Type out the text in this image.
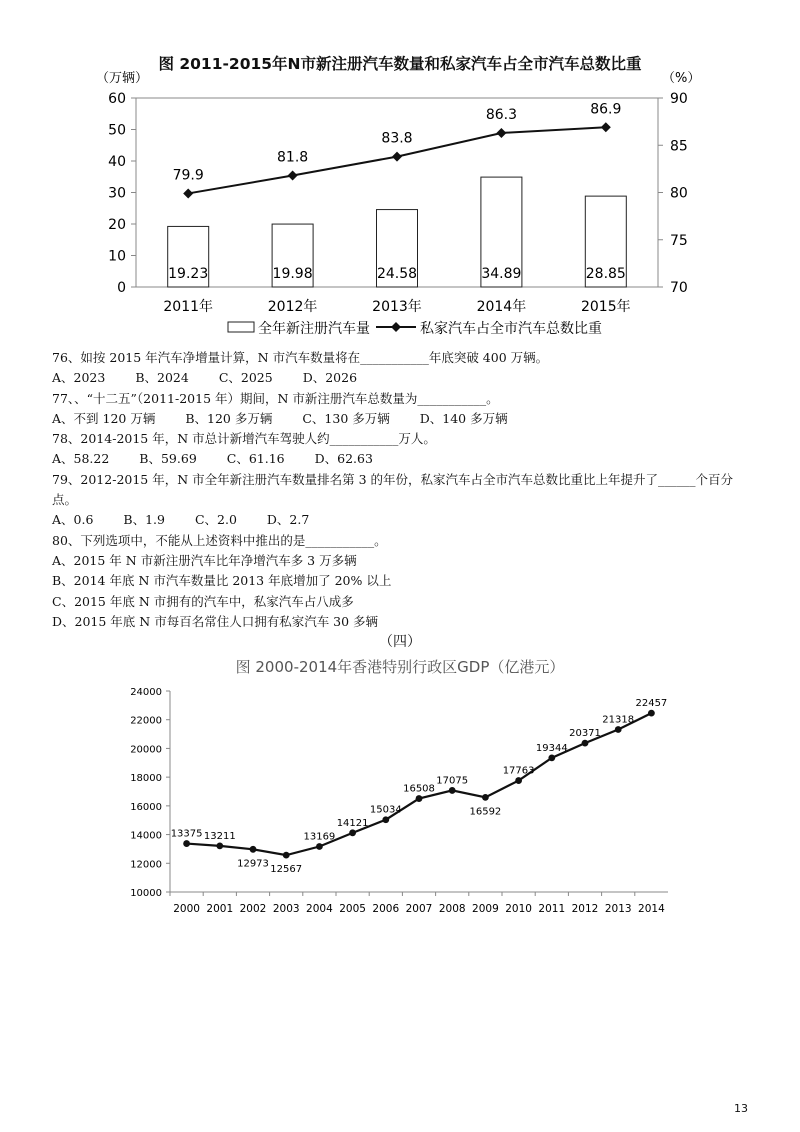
图 2011-2015年N市新注册汽车数量和私家汽车占全市汽车总数比重
（万辆）	（%）
0
10
20
30
40
50
60
70
75
80
85
90
19.23	19.98	24.58	34.89	28.85
2011年	2012年	2013年	2014年	2015年
79.9
81.8
83.8
86.3	86.9
全年新注册汽车量	私家汽车占全市汽车总数比重
76、如按 2015 年汽车净增量计算，N 市汽车数量将在___________年底突破 400 万辆。
A、2023 B、2024 C、2025 D、2026
77、、“十二五”（2011-2015 年）期间，N 市新注册汽车总数量为___________。
A、不到 120 万辆 B、120 多万辆 C、130 多万辆 D、140 多万辆
78、2014-2015 年，N 市总计新增汽车驾驶人约___________万人。
A、58.22 B、59.69 C、61.16 D、62.63
79、2012-2015 年，N 市全年新注册汽车数量排名第 3 的年份，私家汽车占全市汽车总数比重比上年提升了______个百分点。
A、0.6 B、1.9 C、2.0 D、2.7
80、下列选项中，不能从上述资料中推出的是___________。
A、2015 年 N 市新注册汽车比年净增汽车多 3 万多辆
B、2014 年底 N 市汽车数量比 2013 年底增加了 20% 以上
C、2015 年底 N 市拥有的汽车中，私家汽车占八成多
D、2015 年底 N 市每百名常住人口拥有私家汽车 30 多辆
（四）
图 2000-2014年香港特别行政区GDP（亿港元）
10000
12000
14000
16000
18000
20000
22000
24000
2000 2001 2002 2003 2004 2005 2006 2007 2008 2009 2010 2011 2012 2013 2014
13375 13211
12973
12567
13169
14121
15034
16508
17075
16592
17763
19344
20371
21318
22457
13
